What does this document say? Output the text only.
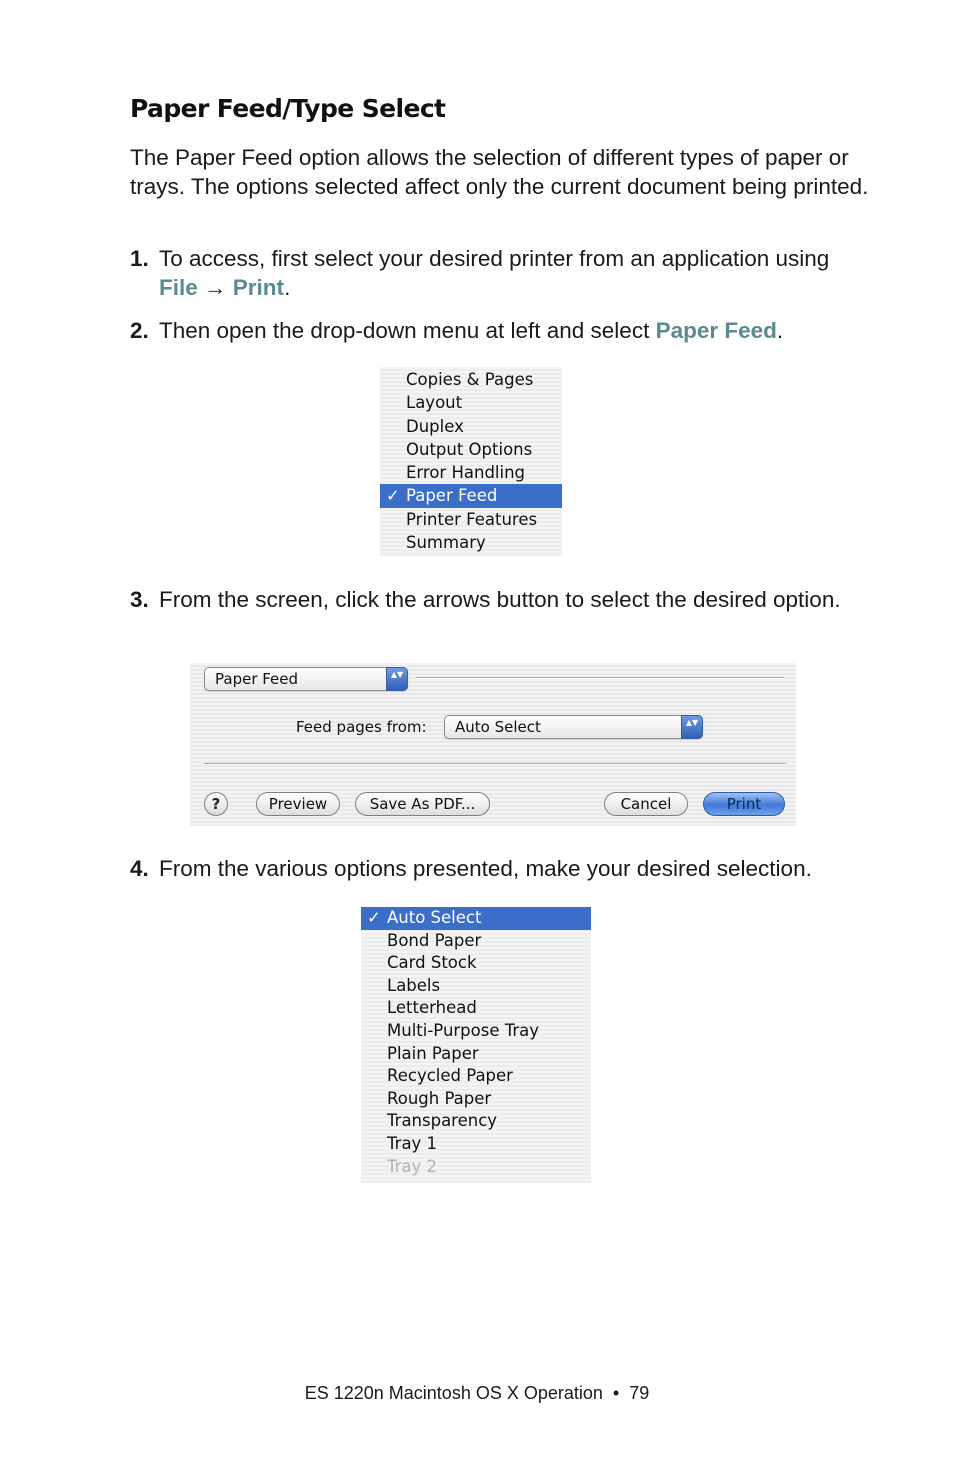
Paper Feed/Type Select
The Paper Feed option allows the selection of different types of paper or trays. The options selected affect only the current document being printed.
1. To access, first select your desired printer from an application using File → Print.
2. Then open the drop-down menu at left and select Paper Feed.
Copies & Pages
Layout
Duplex
Output Options
Error Handling
✓ Paper Feed
Printer Features
Summary
3. From the screen, click the arrows button to select the desired option.
Paper Feed	▲▼
Feed pages from: Auto Select	▲▼
?	Preview	Save As PDF...	Cancel	Print
4. From the various options presented, make your desired selection.
✓ Auto Select
Bond Paper
Card Stock
Labels
Letterhead
Multi-Purpose Tray
Plain Paper
Recycled Paper
Rough Paper
Transparency
Tray 1
Tray 2
ES 1220n Macintosh OS X Operation • 79
